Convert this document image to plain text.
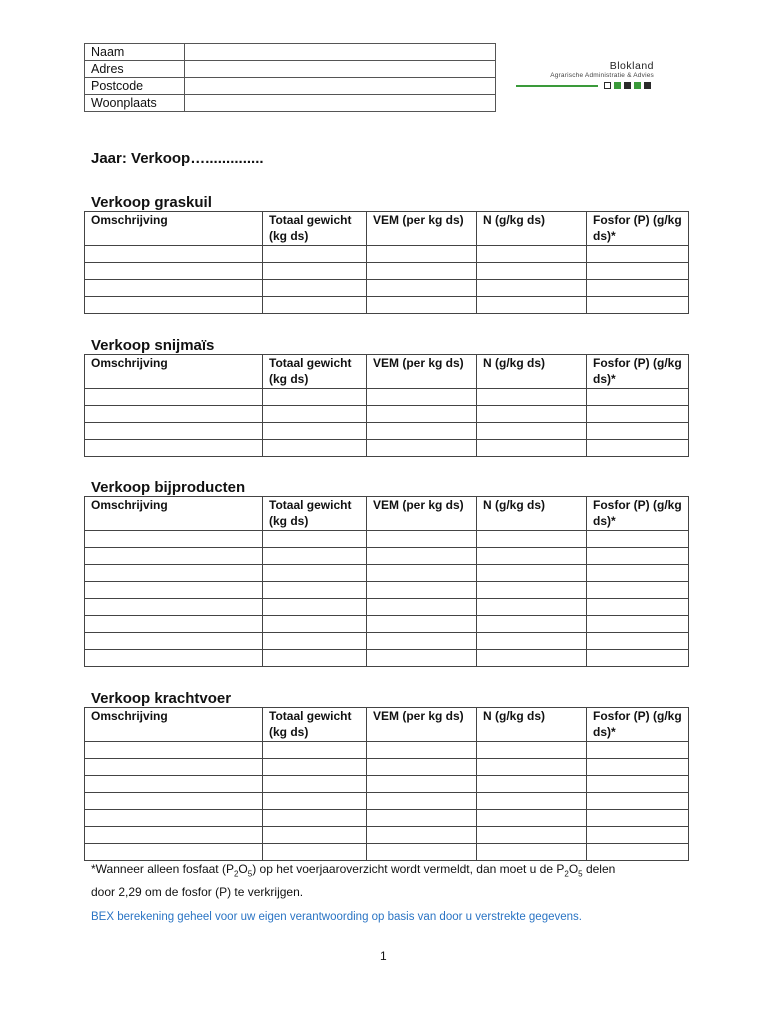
Naam	
Adres	
Postcode	
Woonplaats	
Blokland
Agrarische Administratie & Advies
Jaar: Verkoop…..............
Verkoop graskuil
Omschrijving	Totaal gewicht (kg ds)	VEM (per kg ds)	N (g/kg ds)	Fosfor (P) (g/kg ds)*

Verkoop snijmaïs
Omschrijving	Totaal gewicht (kg ds)	VEM (per kg ds)	N (g/kg ds)	Fosfor (P) (g/kg ds)*

Verkoop bijproducten
Omschrijving	Totaal gewicht (kg ds)	VEM (per kg ds)	N (g/kg ds)	Fosfor (P) (g/kg ds)*

Verkoop krachtvoer
Omschrijving	Totaal gewicht (kg ds)	VEM (per kg ds)	N (g/kg ds)	Fosfor (P) (g/kg ds)*

*Wanneer alleen fosfaat $(P_2O_5)$ op het voerjaaroverzicht wordt vermeldt, dan moet u de $P_2O_5$ delen
door 2,29 om de fosfor (P) te verkrijgen.
BEX berekening geheel voor uw eigen verantwoording op basis van door u verstrekte gegevens.
1
